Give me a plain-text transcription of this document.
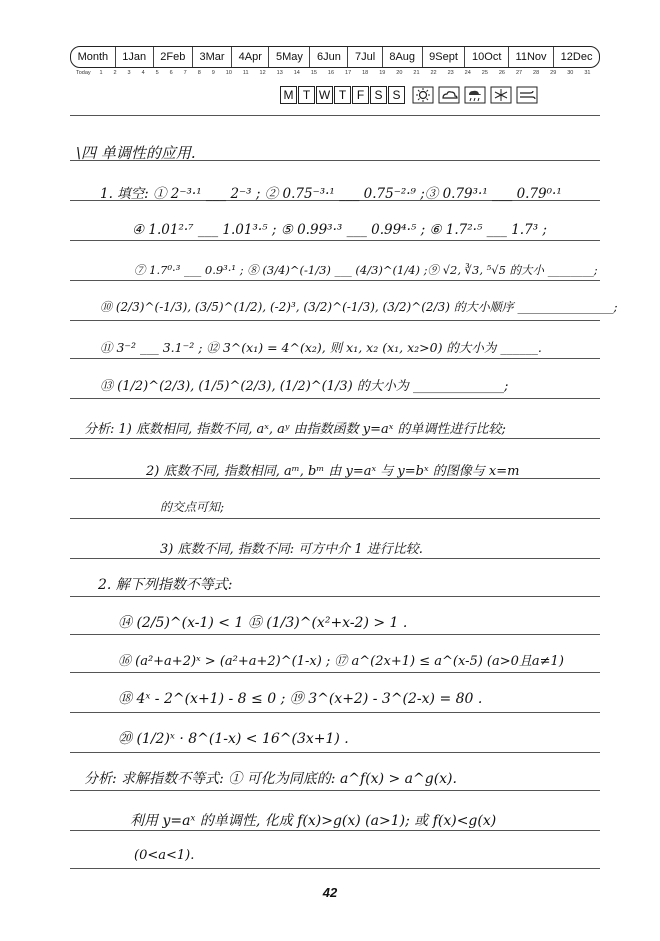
Month	1Jan	2Feb	3Mar	4Apr	5May	6Jun	7Jul	8Aug	9Sept	10Oct	11Nov	12Dec
Today	1	2	3	4	5	6	7	8	9	10	11	12	13	14	15	16	17	18	19	20	21	22	23	24	25	26	27	28	29	30	31
M T W T F S S
\四 单调性的应用.
1. 填空: ① 2⁻³·¹ ___ 2⁻³ ; ② 0.75⁻³·¹ ___ 0.75⁻²·⁹ ;③ 0.79³·¹ ___ 0.79⁰·¹
④ 1.01²·⁷ ___ 1.01³·⁵ ; ⑤ 0.99³·³ ___ 0.99⁴·⁵ ; ⑥ 1.7²·⁵ ___ 1.7³ ;
⑦ 1.7⁰·³ ___ 0.9³·¹ ; ⑧ (3/4)^(-1/3) ___ (4/3)^(1/4) ;⑨ √2, ∛3, ⁵√5 的大小 ________;
⑩ (2/3)^(-1/3), (3/5)^(1/2), (-2)³, (3/2)^(-1/3), (3/2)^(2/3) 的大小顺序 ________________;
⑪ 3⁻² ___ 3.1⁻² ; ⑫ 3^(x₁) = 4^(x₂), 则 x₁, x₂ (x₁, x₂>0) 的大小为 ______.
⑬ (1/2)^(2/3), (1/5)^(2/3), (1/2)^(1/3) 的大小为 ______________;
分析: 1) 底数相同, 指数不同, aˣ, aʸ 由指数函数 y=aˣ 的单调性进行比较;
2) 底数不同, 指数相同, aᵐ, bᵐ 由 y=aˣ 与 y=bˣ 的图像与 x=m
的交点可知;
3) 底数不同, 指数不同: 可方中介 1 进行比较.
2. 解下列指数不等式:
⑭ (2/5)^(x-1) < 1 ⑮ (1/3)^(x²+x-2) > 1 .
⑯ (a²+a+2)ˣ > (a²+a+2)^(1-x) ; ⑰ a^(2x+1) ≤ a^(x-5) (a>0且a≠1)
⑱ 4ˣ - 2^(x+1) - 8 ≤ 0 ; ⑲ 3^(x+2) - 3^(2-x) = 80 .
⑳ (1/2)ˣ · 8^(1-x) < 16^(3x+1) .
分析: 求解指数不等式: ① 可化为同底的: a^f(x) > a^g(x).
利用 y=aˣ 的单调性, 化成 f(x)>g(x) (a>1); 或 f(x)<g(x)
(0<a<1).
42
